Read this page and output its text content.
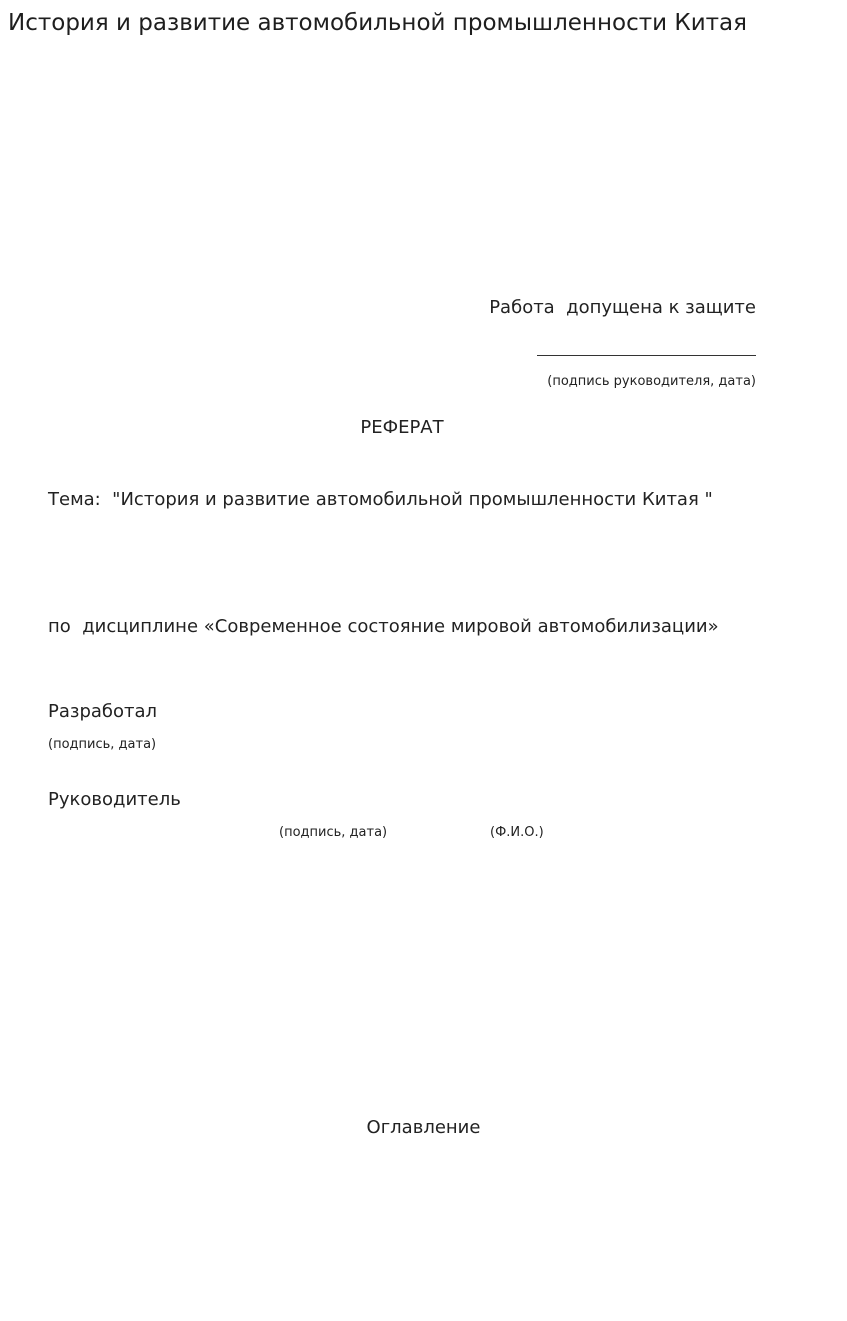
История и развитие автомобильной промышленности Китая
Работа  допущена к защите
(подпись руководителя, дата)
РЕФЕРАТ
Тема:  "История и развитие автомобильной промышленности Китая "
по  дисциплине «Современное состояние мировой автомобилизации»
Разработал
(подпись, дата)
Руководитель
(подпись, дата)	(Ф.И.О.)
Оглавление
